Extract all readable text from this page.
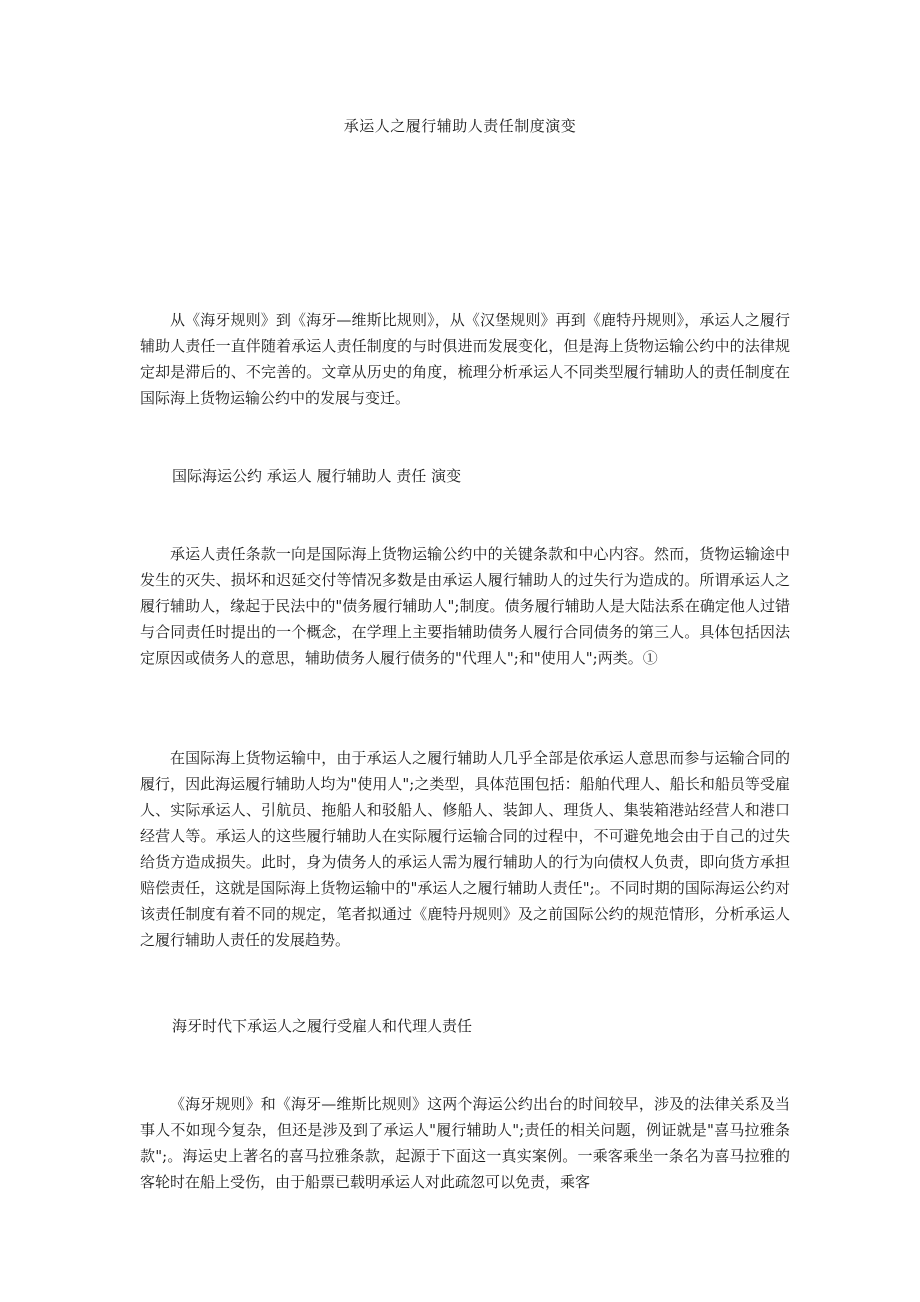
承运人之履行辅助人责任制度演变

从《海牙规则》到《海牙—维斯比规则》，从《汉堡规则》再到《鹿特丹规则》，承运人之履行辅助人责任一直伴随着承运人责任制度的与时俱进而发展变化，但是海上货物运输公约中的法律规定却是滞后的、不完善的。文章从历史的角度，梳理分析承运人不同类型履行辅助人的责任制度在国际海上货物运输公约中的发展与变迁。

国际海运公约 承运人 履行辅助人 责任 演变

承运人责任条款一向是国际海上货物运输公约中的关键条款和中心内容。然而，货物运输途中发生的灭失、损坏和迟延交付等情况多数是由承运人履行辅助人的过失行为造成的。所谓承运人之履行辅助人，缘起于民法中的"债务履行辅助人";制度。债务履行辅助人是大陆法系在确定他人过错与合同责任时提出的一个概念，在学理上主要指辅助债务人履行合同债务的第三人。具体包括因法定原因或债务人的意思，辅助债务人履行债务的"代理人";和"使用人";两类。①

在国际海上货物运输中，由于承运人之履行辅助人几乎全部是依承运人意思而参与运输合同的履行，因此海运履行辅助人均为"使用人";之类型，具体范围包括：船舶代理人、船长和船员等受雇人、实际承运人、引航员、拖船人和驳船人、修船人、装卸人、理货人、集装箱港站经营人和港口经营人等。承运人的这些履行辅助人在实际履行运输合同的过程中，不可避免地会由于自己的过失给货方造成损失。此时，身为债务人的承运人需为履行辅助人的行为向债权人负责，即向货方承担赔偿责任，这就是国际海上货物运输中的"承运人之履行辅助人责任";。不同时期的国际海运公约对该责任制度有着不同的规定，笔者拟通过《鹿特丹规则》及之前国际公约的规范情形，分析承运人之履行辅助人责任的发展趋势。

海牙时代下承运人之履行受雇人和代理人责任

《海牙规则》和《海牙—维斯比规则》这两个海运公约出台的时间较早，涉及的法律关系及当事人不如现今复杂，但还是涉及到了承运人"履行辅助人";责任的相关问题，例证就是"喜马拉雅条款";。海运史上著名的喜马拉雅条款，起源于下面这一真实案例。一乘客乘坐一条名为喜马拉雅的客轮时在船上受伤，由于船票已载明承运人对此疏忽可以免责，乘客
